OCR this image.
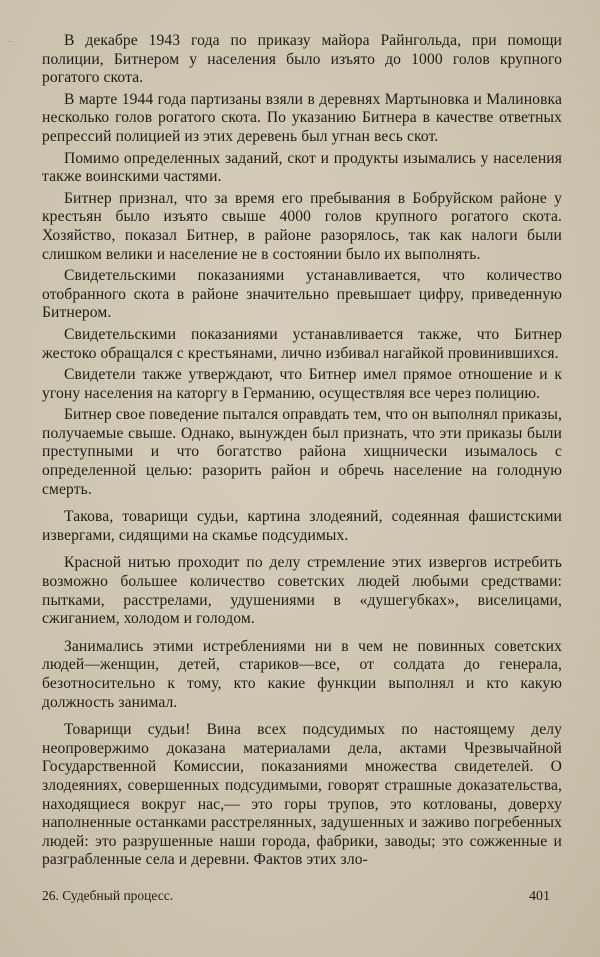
˙	В декабре 1943 года по приказу майора Райнгольда, при помощи полиции, Битнером у населения было изъято до 1000 голов крупного рогатого скота.

В марте 1944 года партизаны взяли в деревнях Мартыновка и Малиновка несколько голов рогатого скота. По указанию Битнера в качестве ответных репрессий полицией из этих деревень был угнан весь скот.

Помимо определенных заданий, скот и продукты изымались у населения также воинскими частями.

Битнер признал, что за время его пребывания в Бобруйском районе у крестьян было изъято свыше 4000 голов крупного рогатого скота. Хозяйство, показал Битнер, в районе разорялось, так как налоги были слишком велики и население не в состоянии было их выполнять.

Свидетельскими показаниями устанавливается, что количество отобранного скота в районе значительно превышает цифру, приведенную Битнером.

Свидетельскими показаниями устанавливается также, что Битнер жестоко обращался с крестьянами, лично избивал нагайкой провинившихся.

Свидетели также утверждают, что Битнер имел прямое отношение и к угону населения на каторгу в Германию, осуществляя все через полицию.

Битнер свое поведение пытался оправдать тем, что он выполнял приказы, получаемые свыше. Однако, вынужден был признать, что эти приказы были преступными и что богатство района хищнически изымалось с определенной целью: разорить район и обречь население на голодную смерть.

Такова, товарищи судьи, картина злодеяний, содеянная фашистскими извергами, сидящими на скамье подсудимых.

Красной нитью проходит по делу стремление этих извергов истребить возможно большее количество советских людей любыми средствами: пытками, расстрелами, удушениями в «душегубках», виселицами, сжиганием, холодом и голодом.

Занимались этими истреблениями ни в чем не повинных советских людей—женщин, детей, стариков—все, от солдата до генерала, безотносительно к тому, кто какие функции выполнял и кто какую должность занимал.

Товарищи судьи! Вина всех подсудимых по настоящему делу неопровержимо доказана материалами дела, актами Чрезвычайной Государственной Комиссии, показаниями множества свидетелей. О злодеяниях, совершенных подсудимыми, говорят страшные доказательства, находящиеся вокруг нас,— это горы трупов, это котлованы, доверху наполненные останками расстрелянных, задушенных и заживо погребенных людей: это разрушенные наши города, фабрики, заводы; это сожженные и разграбленные села и деревни. Фактов этих зло-

26. Судебный процесс.	401
